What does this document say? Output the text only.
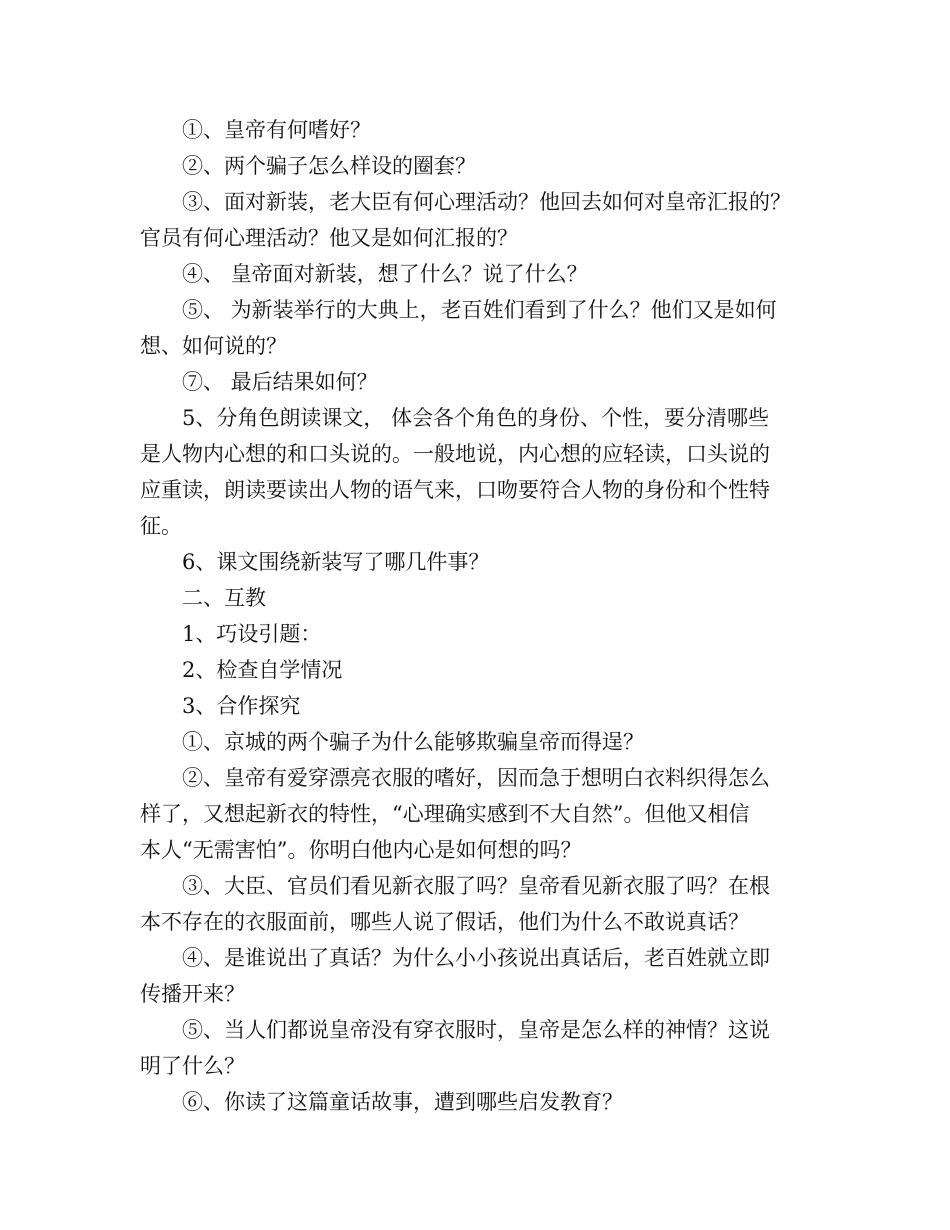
①、皇帝有何嗜好？

②、两个骗子怎么样设的圈套？

③、面对新装，老大臣有何心理活动？他回去如何对皇帝汇报的？
官员有何心理活动？他又是如何汇报的？

④、 皇帝面对新装，想了什么？说了什么？

⑤、 为新装举行的大典上，老百姓们看到了什么？他们又是如何
想、如何说的？

⑦、 最后结果如何？

5、分角色朗读课文， 体会各个角色的身份、个性，要分清哪些
是人物内心想的和口头说的。一般地说，内心想的应轻读，口头说的
应重读，朗读要读出人物的语气来，口吻要符合人物的身份和个性特
征。

6、课文围绕新装写了哪几件事？

二、互教

1、巧设引题：

2、检查自学情况

3、合作探究

①、京城的两个骗子为什么能够欺骗皇帝而得逞？

②、皇帝有爱穿漂亮衣服的嗜好，因而急于想明白衣料织得怎么
样了，又想起新衣的特性，“心理确实感到不大自然”。但他又相信
本人“无需害怕”。你明白他内心是如何想的吗？

③、大臣、官员们看见新衣服了吗？皇帝看见新衣服了吗？在根
本不存在的衣服面前，哪些人说了假话，他们为什么不敢说真话？

④、是谁说出了真话？为什么小小孩说出真话后，老百姓就立即
传播开来？

⑤、当人们都说皇帝没有穿衣服时，皇帝是怎么样的神情？这说
明了什么？

⑥、你读了这篇童话故事，遭到哪些启发教育？
